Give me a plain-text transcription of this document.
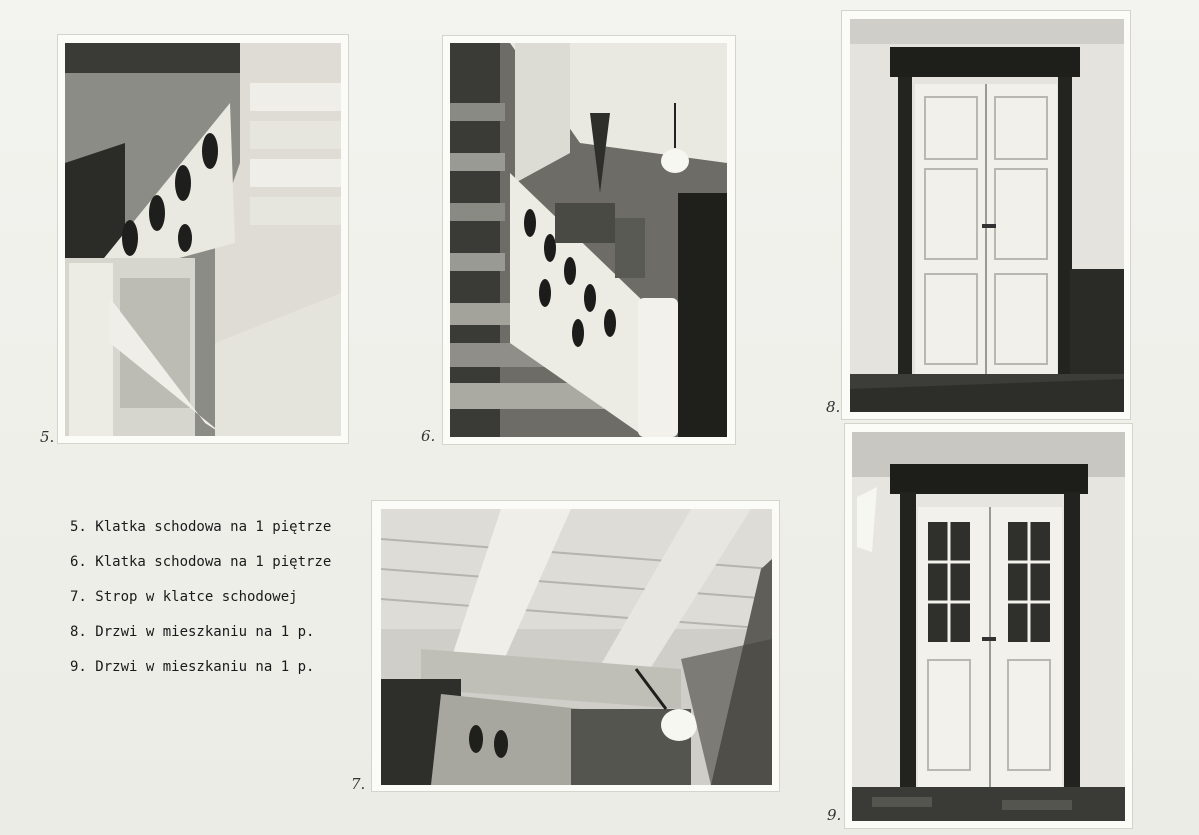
5.	6.
8.
9.
7.
5. Klatka schodowa na 1 piętrze
6. Klatka schodowa na 1 piętrze
7. Strop w klatce schodowej
8. Drzwi w mieszkaniu na 1 p.
9. Drzwi w mieszkaniu na 1 p.
